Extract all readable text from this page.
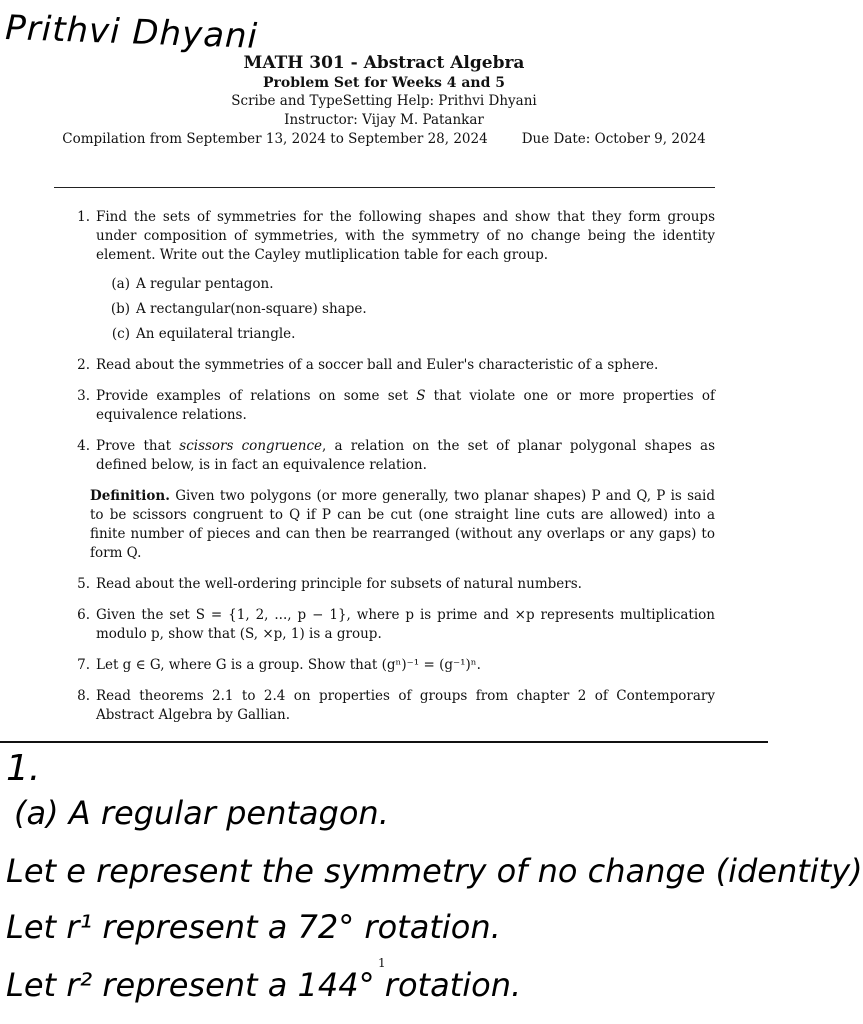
Prithvi Dhyani
MATH 301 - Abstract Algebra
Problem Set for Weeks 4 and 5
Scribe and TypeSetting Help: Prithvi Dhyani
Instructor: Vijay M. Patankar
Compilation from September 13, 2024 to September 28, 2024	Due Date: October 9, 2024
1. Find the sets of symmetries for the following shapes and show that they form groups under composition of symmetries, with the symmetry of no change being the identity element. Write out the Cayley mutliplication table for each group.
(a) A regular pentagon.
(b) A rectangular(non-square) shape.
(c) An equilateral triangle.
2. Read about the symmetries of a soccer ball and Euler's characteristic of a sphere.
3. Provide examples of relations on some set S that violate one or more properties of equivalence relations.
4. Prove that scissors congruence, a relation on the set of planar polygonal shapes as defined below, is in fact an equivalence relation.
Definition. Given two polygons (or more generally, two planar shapes) P and Q, P is said to be scissors congruent to Q if P can be cut (one straight line cuts are allowed) into a finite number of pieces and can then be rearranged (without any overlaps or any gaps) to form Q.
5. Read about the well-ordering principle for subsets of natural numbers.
6. Given the set S = {1, 2, ..., p − 1}, where p is prime and ×p represents multiplication modulo p, show that (S, ×p, 1) is a group.
7. Let g ∈ G, where G is a group. Show that (gⁿ)⁻¹ = (g⁻¹)ⁿ.
8. Read theorems 2.1 to 2.4 on properties of groups from chapter 2 of Contemporary Abstract Algebra by Gallian.
1.
(a) A regular pentagon.
Let e represent the symmetry of no change (identity)
Let r¹ represent a 72° rotation.
1
Let r² represent a 144° rotation.
